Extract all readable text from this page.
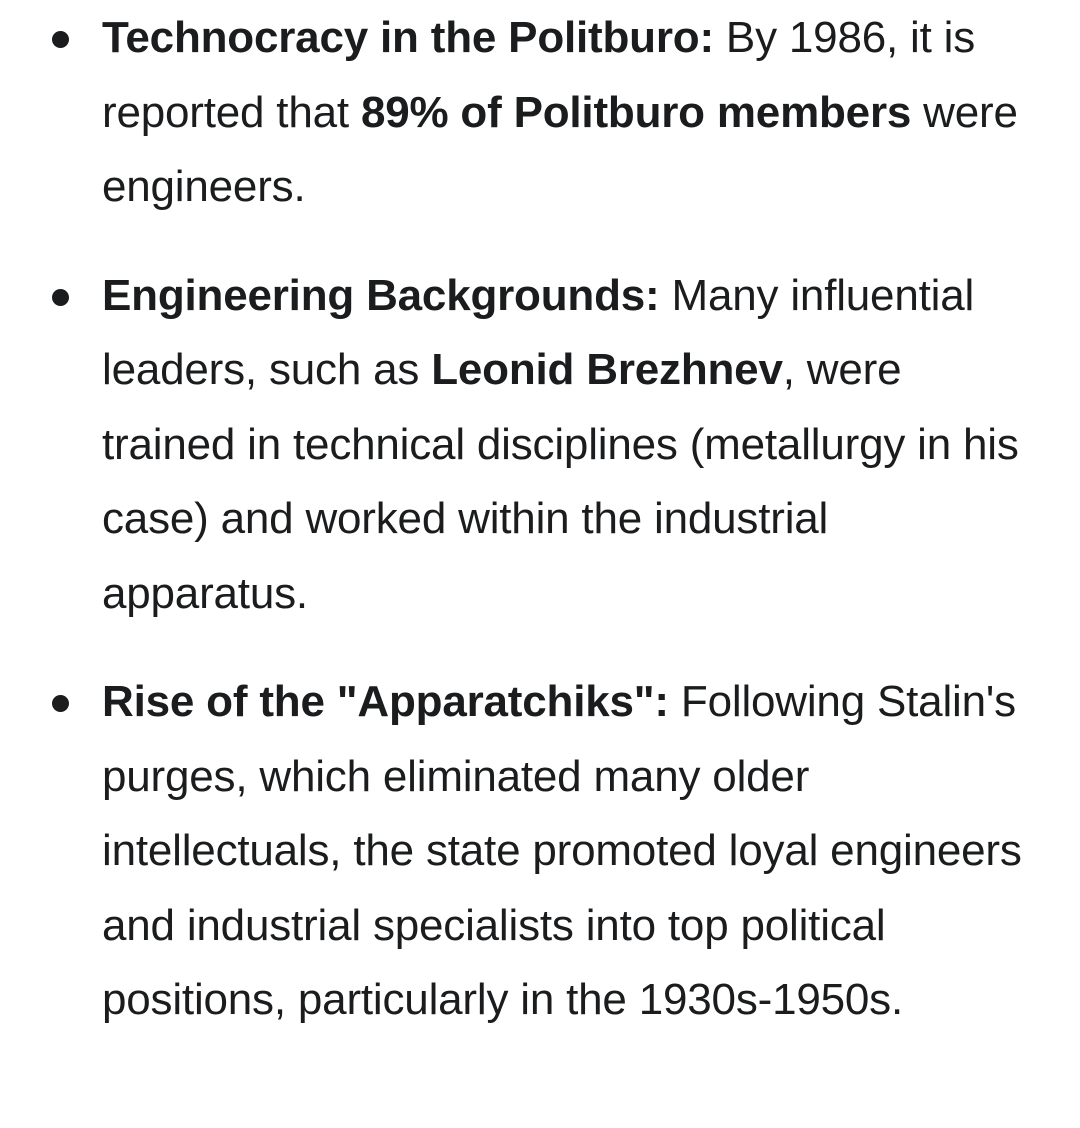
Technocracy in the Politburo: By 1986, it is reported that 89% of Politburo members were engineers.
Engineering Backgrounds: Many influential leaders, such as Leonid Brezhnev, were trained in technical disciplines (metallurgy in his case) and worked within the industrial apparatus.
Rise of the "Apparatchiks": Following Stalin's purges, which eliminated many older intellectuals, the state promoted loyal engineers and industrial specialists into top political positions, particularly in the 1930s-1950s.
